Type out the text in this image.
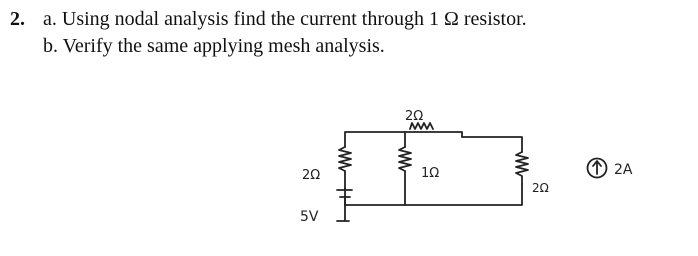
2. a. Using nodal analysis find the current through 1 Ω resistor.
b. Verify the same applying mesh analysis.
2Ω
2Ω	1Ω
2Ω
5V
2A
